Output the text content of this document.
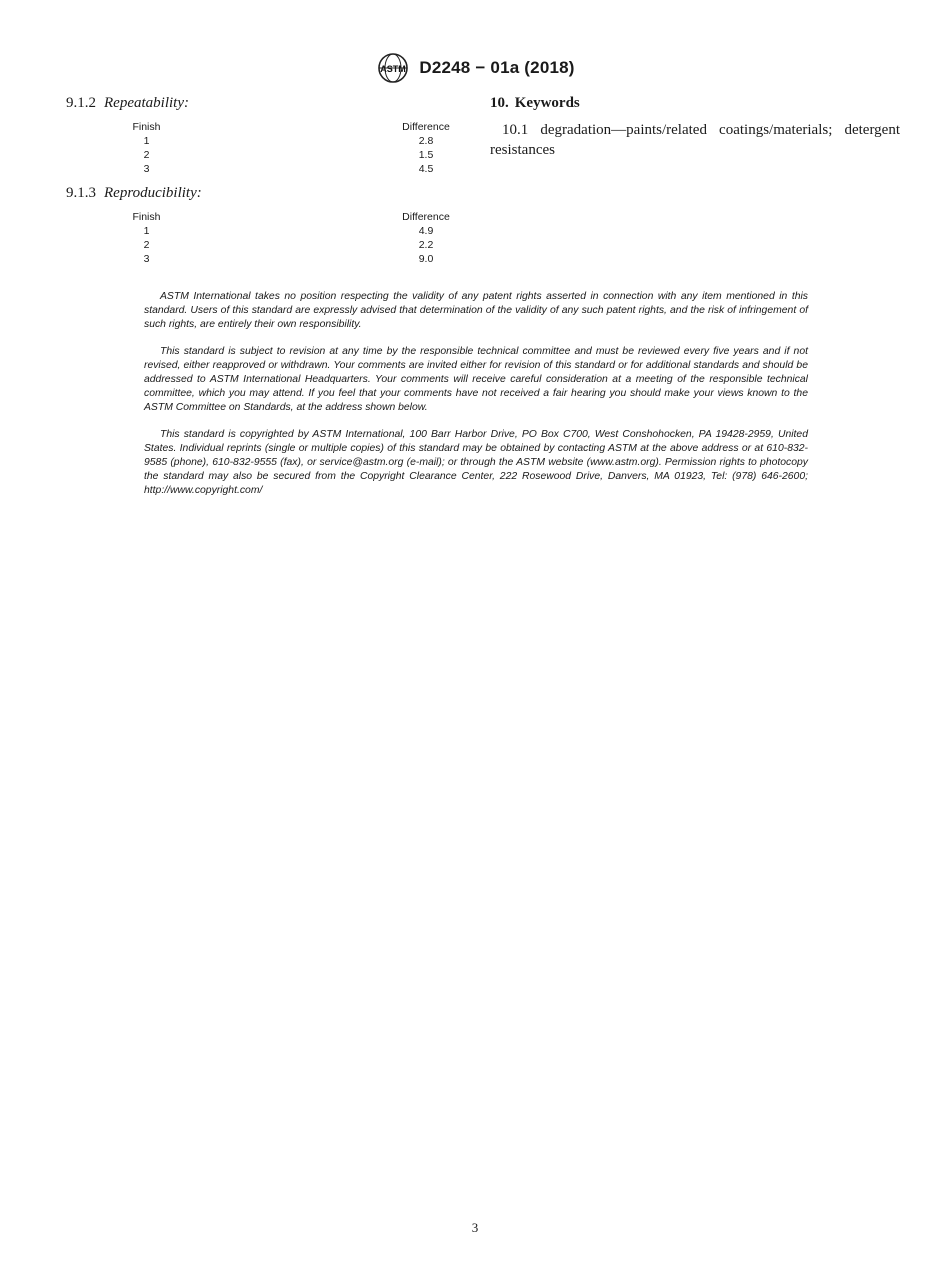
ASTM D2248 − 01a (2018)

9.1.2 Repeatability:

Finish	Difference
1	2.8
2	1.5
3	4.5

9.1.3 Reproducibility:

Finish	Difference
1	4.9
2	2.2
3	9.0

10. Keywords

10.1 degradation—paints/related coatings/materials; detergent resistances

ASTM International takes no position respecting the validity of any patent rights asserted in connection with any item mentioned in this standard. Users of this standard are expressly advised that determination of the validity of any such patent rights, and the risk of infringement of such rights, are entirely their own responsibility.

This standard is subject to revision at any time by the responsible technical committee and must be reviewed every five years and if not revised, either reapproved or withdrawn. Your comments are invited either for revision of this standard or for additional standards and should be addressed to ASTM International Headquarters. Your comments will receive careful consideration at a meeting of the responsible technical committee, which you may attend. If you feel that your comments have not received a fair hearing you should make your views known to the ASTM Committee on Standards, at the address shown below.

This standard is copyrighted by ASTM International, 100 Barr Harbor Drive, PO Box C700, West Conshohocken, PA 19428-2959, United States. Individual reprints (single or multiple copies) of this standard may be obtained by contacting ASTM at the above address or at 610-832-9585 (phone), 610-832-9555 (fax), or service@astm.org (e-mail); or through the ASTM website (www.astm.org). Permission rights to photocopy the standard may also be secured from the Copyright Clearance Center, 222 Rosewood Drive, Danvers, MA 01923, Tel: (978) 646-2600; http://www.copyright.com/

3
